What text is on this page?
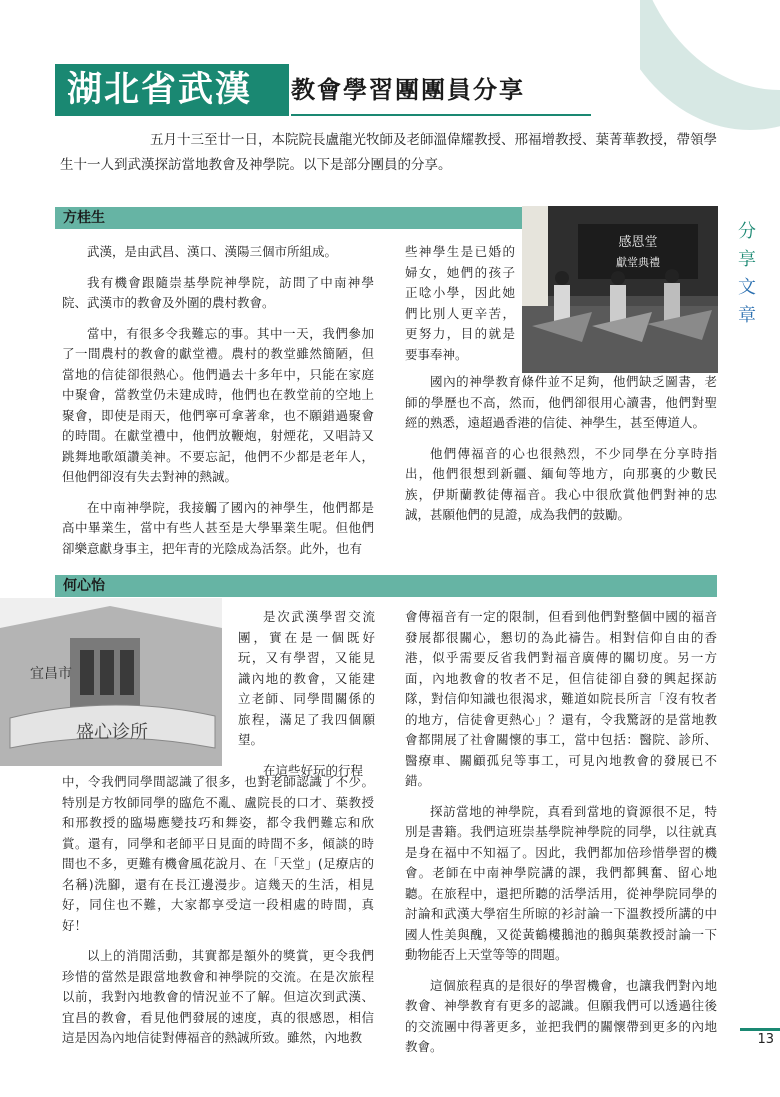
湖北省武漢	教會學習團團員分享

五月十三至廿一日，本院院長盧龍光牧師及老師溫偉耀教授、邢福增教授、葉菁華教授，帶領學生十一人到武漢探訪當地教會及神學院。以下是部分團員的分享。

分
享
文
章
方桂生
感恩堂
獻堂典禮

武漢，是由武昌、漢口、漢陽三個市所組成。

我有機會跟隨崇基學院神學院，訪問了中南神學院、武漢市的教會及外圍的農村教會。

當中，有很多令我難忘的事。其中一天，我們參加了一間農村的教會的獻堂禮。農村的教堂雖然簡陋，但當地的信徒卻很熱心。他們過去十多年中，只能在家庭中聚會，當教堂仍未建成時，他們也在教堂前的空地上聚會，即使是雨天，他們寧可拿著傘，也不願錯過聚會的時間。在獻堂禮中，他們放鞭炮，射煙花，又唱詩又跳舞地歌頌讚美神。不要忘記，他們不少都是老年人，但他們卻沒有失去對神的熱誠。

在中南神學院，我接觸了國內的神學生，他們都是高中畢業生，當中有些人甚至是大學畢業生呢。但他們卻樂意獻身事主，把年青的光陰成為活祭。此外，也有

些神學生是已婚的婦女，她們的孩子正唸小學，因此她們比別人更辛苦，更努力，目的就是要事奉神。

國內的神學教育條件並不足夠，他們缺乏圖書，老師的學歷也不高，然而，他們卻很用心讀書，他們對聖經的熟悉，遠超過香港的信徒、神學生，甚至傳道人。

他們傳福音的心也很熱烈，不少同學在分享時指出，他們很想到新疆、緬甸等地方，向那裏的少數民族，伊斯蘭教徒傳福音。我心中很欣賞他們對神的忠誠，甚願他們的見證，成為我們的鼓勵。

何心怡
宜昌市
盛心诊所

是次武漢學習交流團，實在是一個既好玩，又有學習，又能見識內地的教會，又能建立老師、同學間關係的旅程，滿足了我四個願望。

在這些好玩的行程

中，令我們同學間認識了很多，也對老師認識了不少。特別是方牧師同學的臨危不亂、盧院長的口才、葉教授和邢教授的臨場應變技巧和舞姿，都令我們難忘和欣賞。還有，同學和老師平日見面的時間不多，傾談的時間也不多，更難有機會風花說月、在「天堂」(足療店的名稱)洗腳，還有在長江邊漫步。這幾天的生活，相見好，同住也不難，大家都享受這一段相處的時間，真好！

以上的消閒活動，其實都是額外的獎賞，更令我們珍惜的當然是跟當地教會和神學院的交流。在是次旅程以前，我對內地教會的情況並不了解。但這次到武漢、宜昌的教會，看見他們發展的速度，真的很感恩，相信這是因為內地信徒對傳福音的熱誠所致。雖然，內地教

會傳福音有一定的限制，但看到他們對整個中國的福音發展都很關心，懇切的為此禱告。相對信仰自由的香港，似乎需要反省我們對福音廣傳的關切度。另一方面，內地教會的牧者不足，但信徒卻自發的興起探訪隊，對信仰知識也很渴求，難道如院長所言「沒有牧者的地方，信徒會更熱心」？還有，令我驚訝的是當地教會都開展了社會關懷的事工，當中包括：醫院、診所、醫療車、關顧孤兒等事工，可見內地教會的發展已不錯。

探訪當地的神學院，真看到當地的資源很不足，特別是書籍。我們這班崇基學院神學院的同學，以往就真是身在福中不知福了。因此，我們都加倍珍惜學習的機會。老師在中南神學院講的課，我們都興奮、留心地聽。在旅程中，還把所聽的活學活用，從神學院同學的討論和武漢大學宿生所晾的衫討論一下溫教授所講的中國人性美與醜，又從黃鶴樓鵝池的鵝與葉教授討論一下動物能否上天堂等等的問題。

這個旅程真的是很好的學習機會，也讓我們對內地教會、神學教育有更多的認識。但願我們可以透過往後的交流團中得著更多，並把我們的關懷帶到更多的內地教會。	13
